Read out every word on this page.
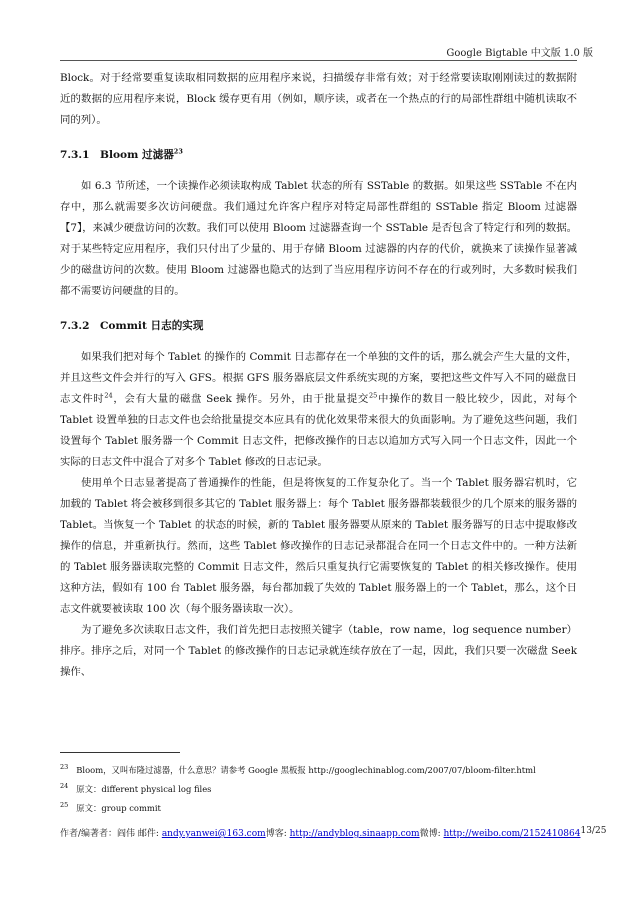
Google Bigtable 中文版 1.0 版

Block。对于经常要重复读取相同数据的应用程序来说，扫描缓存非常有效；对于经常要读取刚刚读过的数据附近的数据的应用程序来说，Block 缓存更有用（例如，顺序读，或者在一个热点的行的局部性群组中随机读取不同的列）。

7.3.1 Bloom 过滤器$^{23}$

如 6.3 节所述，一个读操作必须读取构成 Tablet 状态的所有 SSTable 的数据。如果这些 SSTable 不在内存中，那么就需要多次访问硬盘。我们通过允许客户程序对特定局部性群组的 SSTable 指定 Bloom 过滤器【7】，来减少硬盘访问的次数。我们可以使用 Bloom 过滤器查询一个 SSTable 是否包含了特定行和列的数据。对于某些特定应用程序，我们只付出了少量的、用于存储 Bloom 过滤器的内存的代价，就换来了读操作显著减少的磁盘访问的次数。使用 Bloom 过滤器也隐式的达到了当应用程序访问不存在的行或列时，大多数时候我们都不需要访问硬盘的目的。

7.3.2 Commit 日志的实现

如果我们把对每个 Tablet 的操作的 Commit 日志都存在一个单独的文件的话，那么就会产生大量的文件，并且这些文件会并行的写入 GFS。根据 GFS 服务器底层文件系统实现的方案，要把这些文件写入不同的磁盘日志文件时$^{24}$，会有大量的磁盘 Seek 操作。另外，由于批量提交$^{25}$中操作的数目一般比较少，因此，对每个 Tablet 设置单独的日志文件也会给批量提交本应具有的优化效果带来很大的负面影响。为了避免这些问题，我们设置每个 Tablet 服务器一个 Commit 日志文件，把修改操作的日志以追加方式写入同一个日志文件，因此一个实际的日志文件中混合了对多个 Tablet 修改的日志记录。

使用单个日志显著提高了普通操作的性能，但是将恢复的工作复杂化了。当一个 Tablet 服务器宕机时，它加载的 Tablet 将会被移到很多其它的 Tablet 服务器上：每个 Tablet 服务器都装载很少的几个原来的服务器的 Tablet。当恢复一个 Tablet 的状态的时候，新的 Tablet 服务器要从原来的 Tablet 服务器写的日志中提取修改操作的信息，并重新执行。然而，这些 Tablet 修改操作的日志记录都混合在同一个日志文件中的。一种方法新的 Tablet 服务器读取完整的 Commit 日志文件，然后只重复执行它需要恢复的 Tablet 的相关修改操作。使用这种方法，假如有 100 台 Tablet 服务器，每台都加载了失效的 Tablet 服务器上的一个 Tablet，那么，这个日志文件就要被读取 100 次（每个服务器读取一次）。

为了避免多次读取日志文件，我们首先把日志按照关键字（table，row name，log sequence number）排序。排序之后，对同一个 Tablet 的修改操作的日志记录就连续存放在了一起，因此，我们只要一次磁盘 Seek 操作、

$^{23}$ Bloom，又叫布隆过滤器，什么意思？请参考 Google 黑板报 http://googlechinablog.com/2007/07/bloom-filter.html
$^{24}$ 原文：different physical log files
$^{25}$ 原文：group commit
作者/编著者：阎伟 邮件: andy.yanwei@163.com 博客: http://andyblog.sinaapp.com 微博: http://weibo.com/2152410864 13/25
